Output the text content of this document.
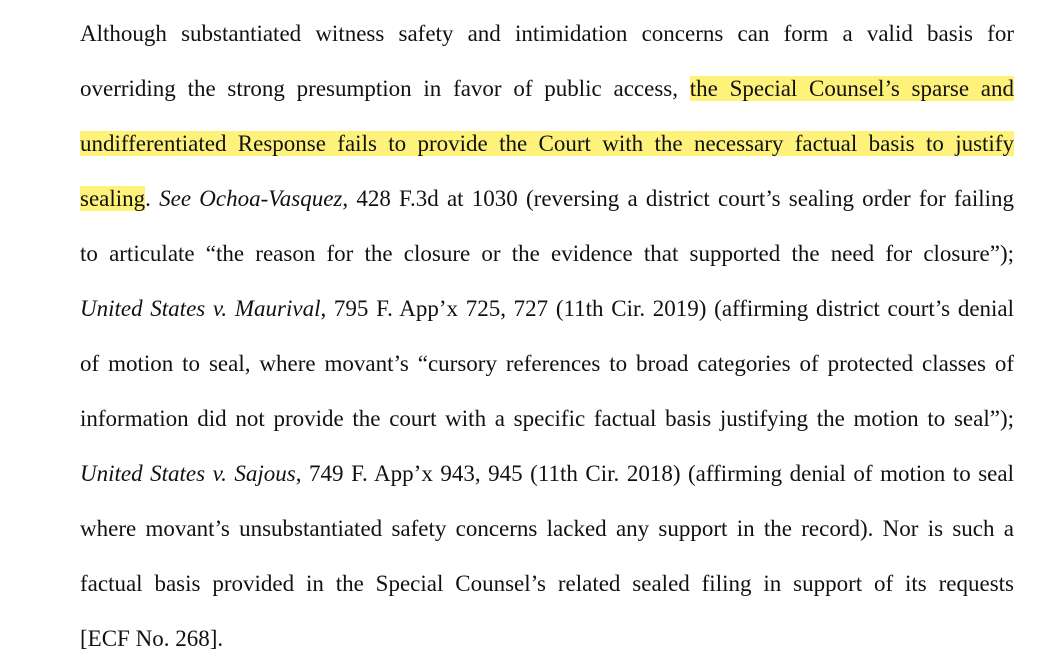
Although substantiated witness safety and intimidation concerns can form a valid basis for
overriding the strong presumption in favor of public access, the Special Counsel’s sparse and
undifferentiated Response fails to provide the Court with the necessary factual basis to justify
sealing. See Ochoa-Vasquez, 428 F.3d at 1030 (reversing a district court’s sealing order for failing
to articulate “the reason for the closure or the evidence that supported the need for closure”);
United States v. Maurival, 795 F. App’x 725, 727 (11th Cir. 2019) (affirming district court’s denial
of motion to seal, where movant’s “cursory references to broad categories of protected classes of
information did not provide the court with a specific factual basis justifying the motion to seal”);
United States v. Sajous, 749 F. App’x 943, 945 (11th Cir. 2018) (affirming denial of motion to seal
where movant’s unsubstantiated safety concerns lacked any support in the record). Nor is such a
factual basis provided in the Special Counsel’s related sealed filing in support of its requests
[ECF No. 268].
